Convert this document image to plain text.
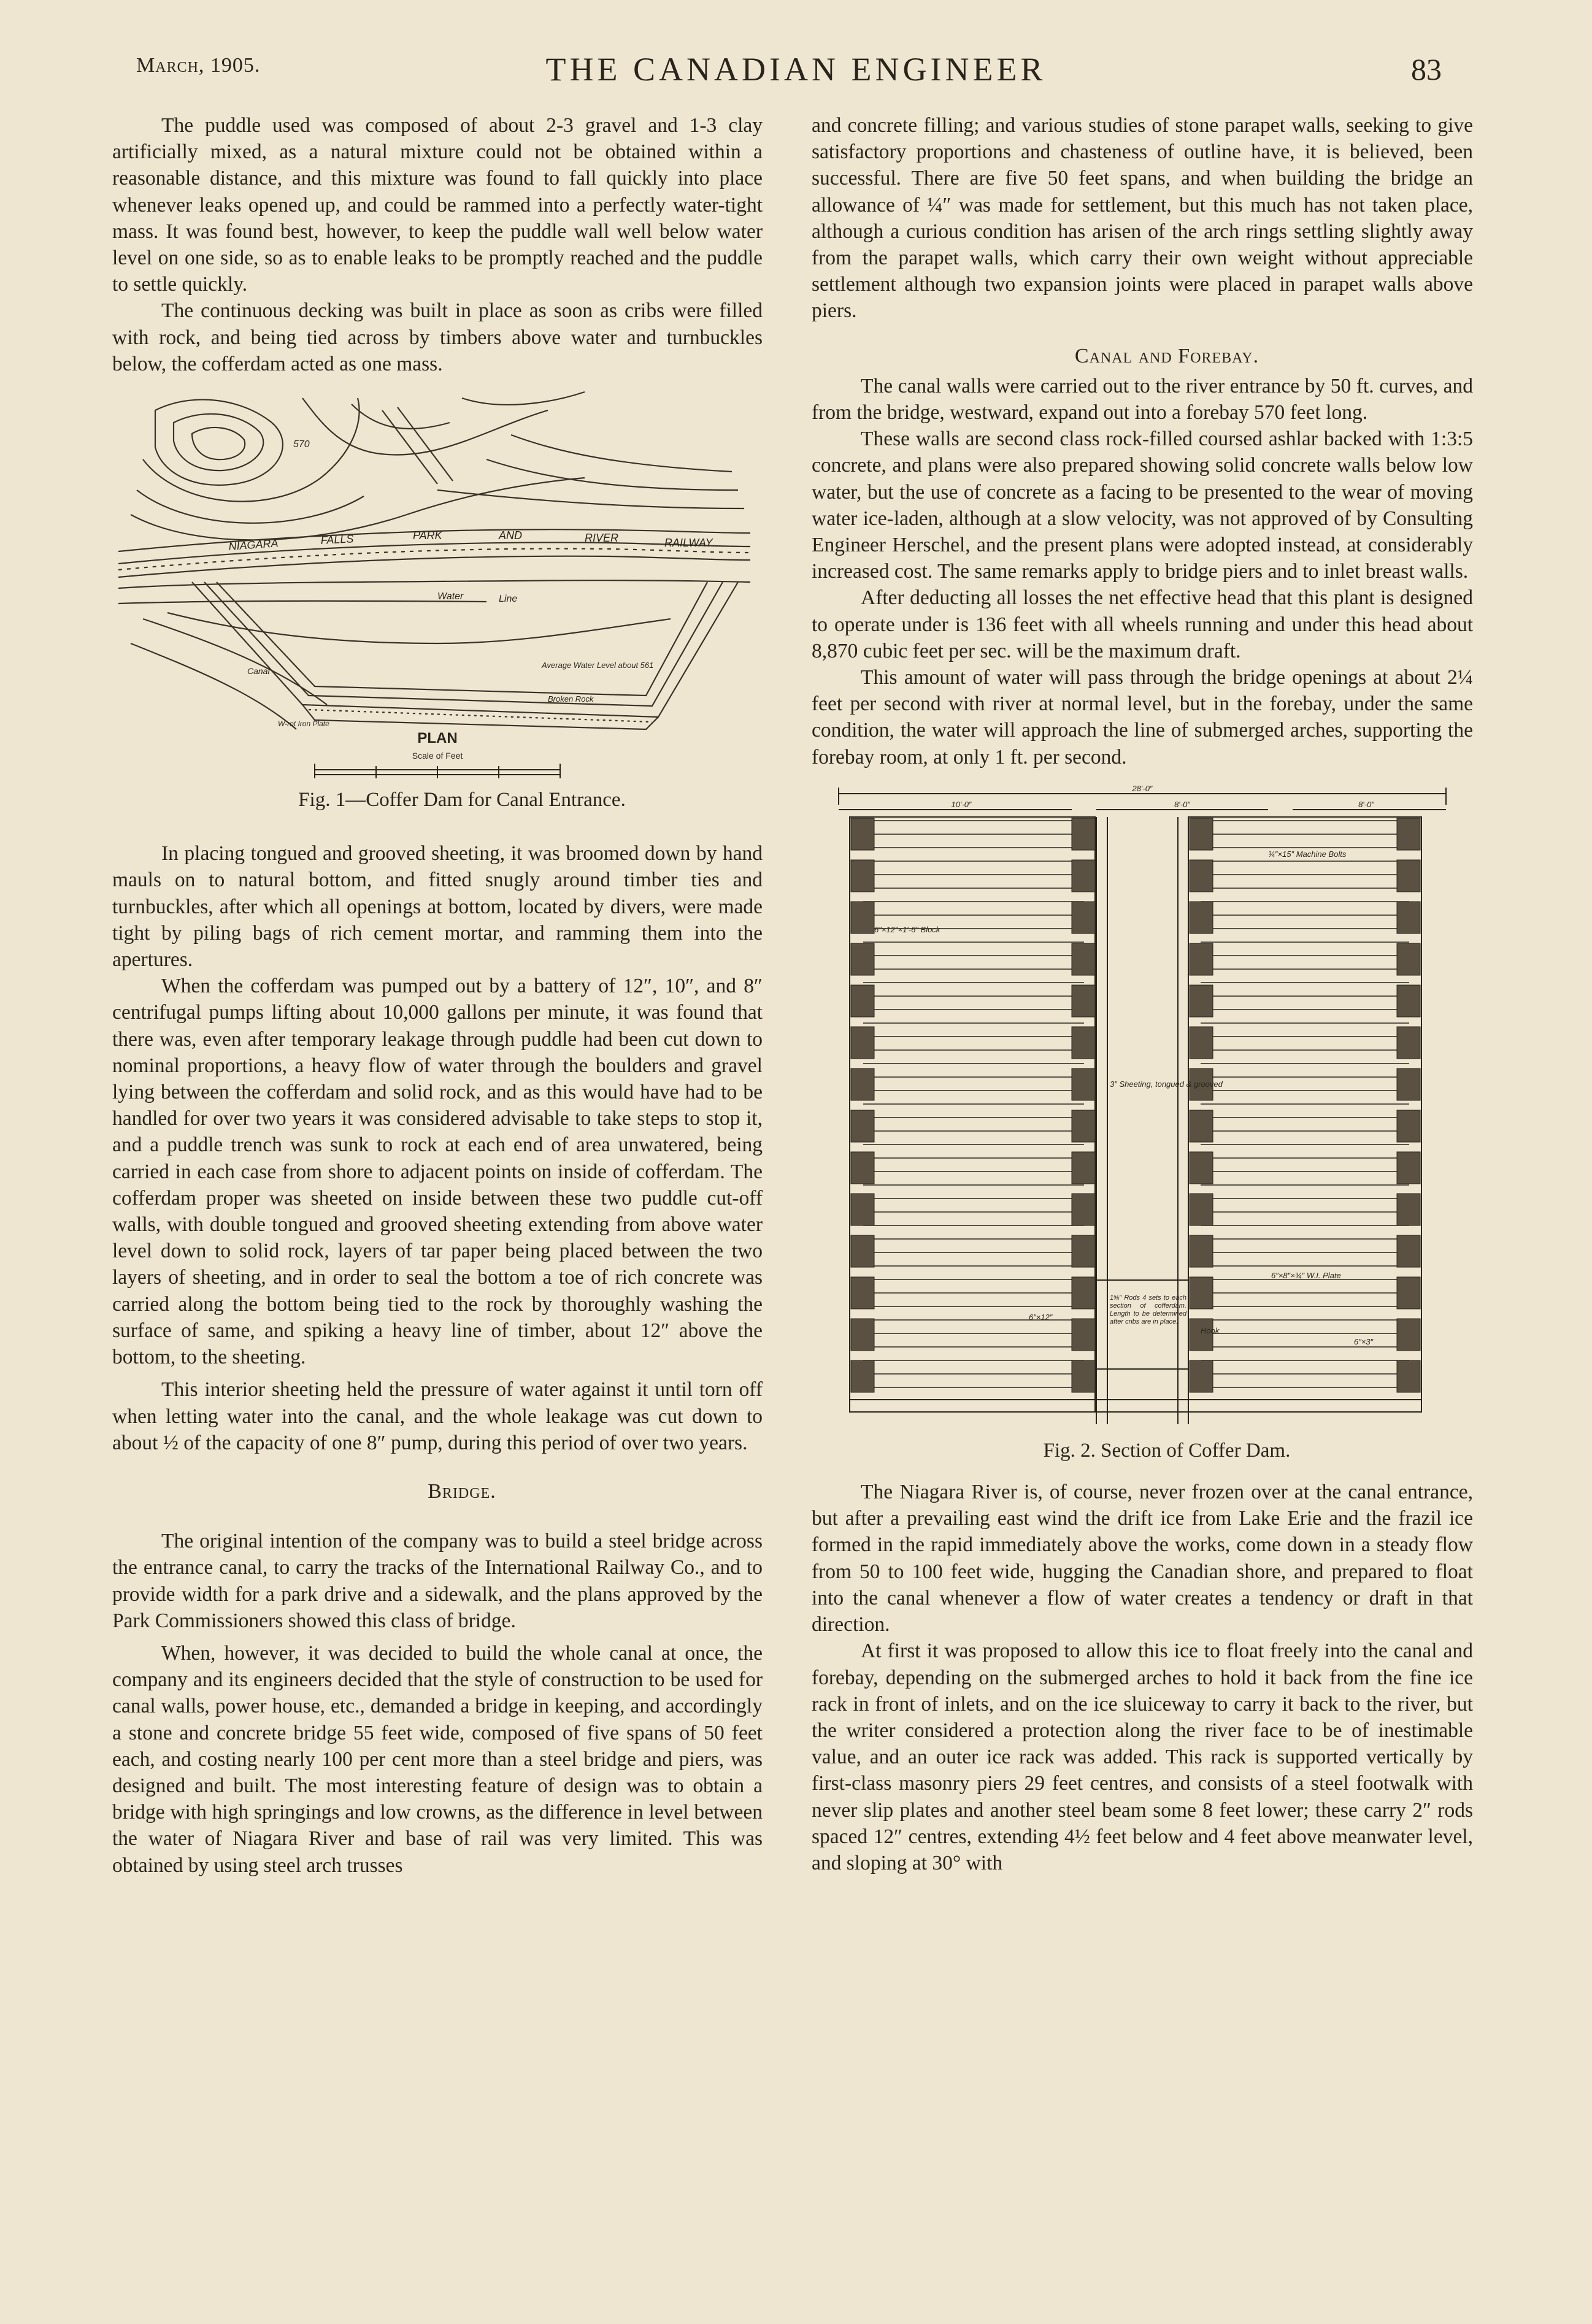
March, 1905.	THE CANADIAN ENGINEER	83

The puddle used was composed of about 2-3 gravel and 1-3 clay artificially mixed, as a natural mixture could not be obtained within a reasonable distance, and this mixture was found to fall quickly into place whenever leaks opened up, and could be rammed into a perfectly water-tight mass. It was found best, however, to keep the puddle wall well below water level on one side, so as to enable leaks to be promptly reached and the puddle to settle quickly.

The continuous decking was built in place as soon as cribs were filled with rock, and being tied across by timbers above water and turnbuckles below, the cofferdam acted as one mass.

NIAGARA	FALLS	PARK	AND	RIVER	RAILWAY
Water	Line
Average Water Level about 561
Broken Rock
Canal
W-rot Iron Plate
570
PLAN
Scale of Feet

Fig. 1—Coffer Dam for Canal Entrance.

In placing tongued and grooved sheeting, it was broomed down by hand mauls on to natural bottom, and fitted snugly around timber ties and turnbuckles, after which all openings at bottom, located by divers, were made tight by piling bags of rich cement mortar, and ramming them into the apertures.

When the cofferdam was pumped out by a battery of 12″, 10″, and 8″ centrifugal pumps lifting about 10,000 gallons per minute, it was found that there was, even after temporary leakage through puddle had been cut down to nominal proportions, a heavy flow of water through the boulders and gravel lying between the cofferdam and solid rock, and as this would have had to be handled for over two years it was considered advisable to take steps to stop it, and a puddle trench was sunk to rock at each end of area unwatered, being carried in each case from shore to adjacent points on inside of cofferdam. The cofferdam proper was sheeted on inside between these two puddle cut-off walls, with double tongued and grooved sheeting extending from above water level down to solid rock, layers of tar paper being placed between the two layers of sheeting, and in order to seal the bottom a toe of rich concrete was carried along the bottom being tied to the rock by thoroughly washing the surface of same, and spiking a heavy line of timber, about 12″ above the bottom, to the sheeting.

This interior sheeting held the pressure of water against it until torn off when letting water into the canal, and the whole leakage was cut down to about ½ of the capacity of one 8″ pump, during this period of over two years.

Bridge.

The original intention of the company was to build a steel bridge across the entrance canal, to carry the tracks of the International Railway Co., and to provide width for a park drive and a sidewalk, and the plans approved by the Park Commissioners showed this class of bridge.

When, however, it was decided to build the whole canal at once, the company and its engineers decided that the style of construction to be used for canal walls, power house, etc., demanded a bridge in keeping, and accordingly a stone and concrete bridge 55 feet wide, composed of five spans of 50 feet each, and costing nearly 100 per cent more than a steel bridge and piers, was designed and built. The most interesting feature of design was to obtain a bridge with high springings and low crowns, as the difference in level between the water of Niagara River and base of rail was very limited. This was obtained by using steel arch trusses

and concrete filling; and various studies of stone parapet walls, seeking to give satisfactory proportions and chasteness of outline have, it is believed, been successful. There are five 50 feet spans, and when building the bridge an allowance of ¼″ was made for settlement, but this much has not taken place, although a curious condition has arisen of the arch rings settling slightly away from the parapet walls, which carry their own weight without appreciable settlement although two expansion joints were placed in parapet walls above piers.

Canal and Forebay.

The canal walls were carried out to the river entrance by 50 ft. curves, and from the bridge, westward, expand out into a forebay 570 feet long.

These walls are second class rock-filled coursed ashlar backed with 1:3:5 concrete, and plans were also prepared showing solid concrete walls below low water, but the use of concrete as a facing to be presented to the wear of moving water ice-laden, although at a slow velocity, was not approved of by Consulting Engineer Herschel, and the present plans were adopted instead, at considerably increased cost. The same remarks apply to bridge piers and to inlet breast walls.

After deducting all losses the net effective head that this plant is designed to operate under is 136 feet with all wheels running and under this head about 8,870 cubic feet per sec. will be the maximum draft.

This amount of water will pass through the bridge openings at about 2¼ feet per second with river at normal level, but in the forebay, under the same condition, the water will approach the line of submerged arches, supporting the forebay room, at only 1 ft. per second.

28′-0″
10′-0″	8′-0″	8′-0″
¾″×15″ Machine Bolts
6″×12″×1′-6″ Block
3″ Sheeting, tongued & grooved
6″×8″×¾″ W.I. Plate
Hook
6″×12″
6″×3″
1⅝″ Rods 4 sets to each section of cofferdam. Length to be determined after cribs are in place.

Fig. 2. Section of Coffer Dam.

The Niagara River is, of course, never frozen over at the canal entrance, but after a prevailing east wind the drift ice from Lake Erie and the frazil ice formed in the rapid immediately above the works, come down in a steady flow from 50 to 100 feet wide, hugging the Canadian shore, and prepared to float into the canal whenever a flow of water creates a tendency or draft in that direction.

At first it was proposed to allow this ice to float freely into the canal and forebay, depending on the submerged arches to hold it back from the fine ice rack in front of inlets, and on the ice sluiceway to carry it back to the river, but the writer considered a protection along the river face to be of inestimable value, and an outer ice rack was added. This rack is supported vertically by first-class masonry piers 29 feet centres, and consists of a steel footwalk with never slip plates and another steel beam some 8 feet lower; these carry 2″ rods spaced 12″ centres, extending 4½ feet below and 4 feet above meanwater level, and sloping at 30° with
